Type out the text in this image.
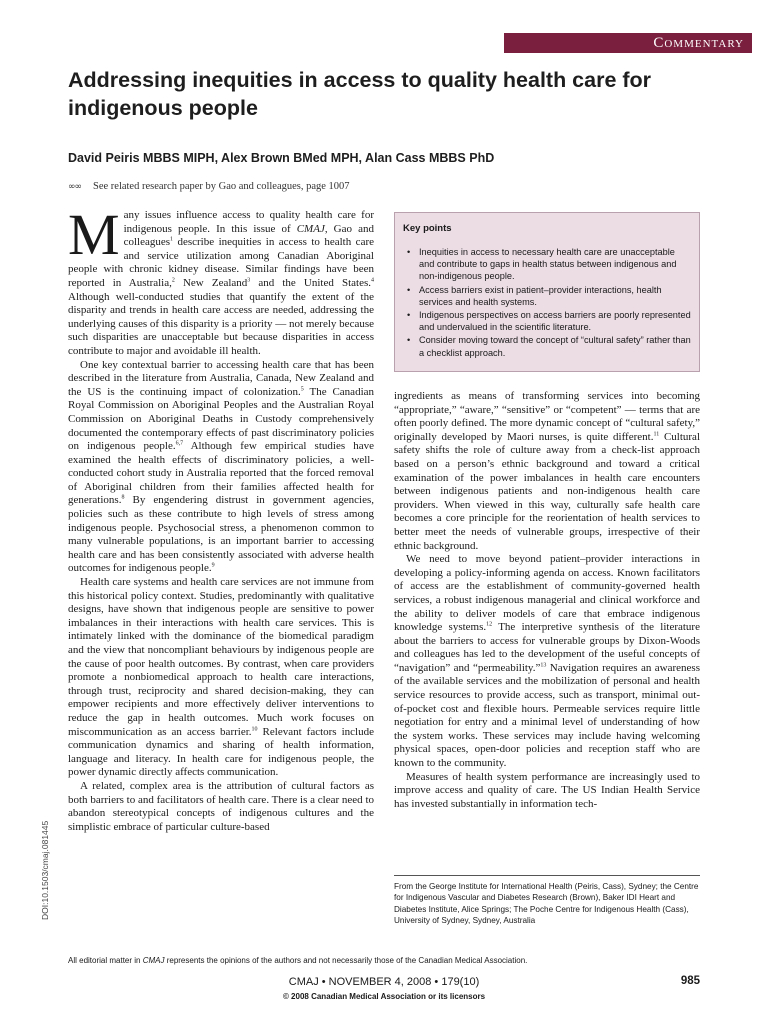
Commentary
Addressing inequities in access to quality health care for indigenous people
David Peiris MBBS MIPH, Alex Brown BMed MPH, Alan Cass MBBS PhD
∞∞ See related research paper by Gao and colleagues, page 1007

Many issues influence access to quality health care for indigenous people. In this issue of CMAJ, Gao and colleagues$^1$ describe inequities in access to health care and service utilization among Canadian Aboriginal people with chronic kidney disease. Similar findings have been reported in Australia,$^2$ New Zealand$^3$ and the United States.$^4$ Although well-conducted studies that quantify the extent of the disparity and trends in health care access are needed, addressing the underlying causes of this disparity is a priority — not merely because such disparities are unacceptable but because disparities in access contribute to major and avoidable ill health.

One key contextual barrier to accessing health care that has been described in the literature from Australia, Canada, New Zealand and the US is the continuing impact of colonization.$^5$ The Canadian Royal Commission on Aboriginal Peoples and the Australian Royal Commission on Aboriginal Deaths in Custody comprehensively documented the contemporary effects of past discriminatory policies on indigenous people.$^{6,7}$ Although few empirical studies have examined the health effects of discriminatory policies, a well-conducted cohort study in Australia reported that the forced removal of Aboriginal children from their families affected health for generations.$^8$ By engendering distrust in government agencies, policies such as these contribute to high levels of stress among indigenous people. Psychosocial stress, a phenomenon common to many vulnerable populations, is an important barrier to accessing health care and has been consistently associated with adverse health outcomes for indigenous people.$^9$

Health care systems and health care services are not immune from this historical policy context. Studies, predominantly with qualitative designs, have shown that indigenous people are sensitive to power imbalances in their interactions with health care services. This is intimately linked with the dominance of the biomedical paradigm and the view that noncompliant behaviours by indigenous people are the cause of poor health outcomes. By contrast, when care providers promote a nonbiomedical approach to health care interactions, through trust, reciprocity and shared decision-making, they can empower recipients and more effectively deliver interventions to reduce the gap in health outcomes. Much work focuses on miscommunication as an access barrier.$^{10}$ Relevant factors include communication dynamics and sharing of health information, language and literacy. In health care for indigenous people, the power dynamic directly affects communication.

A related, complex area is the attribution of cultural factors as both barriers to and facilitators of health care. There is a clear need to abandon stereotypical concepts of indigenous cultures and the simplistic embrace of particular culture-based

Key points
• Inequities in access to necessary health care are unacceptable and contribute to gaps in health status between indigenous and non-indigenous people.
• Access barriers exist in patient–provider interactions, health services and health systems.
• Indigenous perspectives on access barriers are poorly represented and undervalued in the scientific literature.
• Consider moving toward the concept of “cultural safety” rather than a checklist approach.

ingredients as means of transforming services into becoming “appropriate,” “aware,” “sensitive” or “competent” — terms that are often poorly defined. The more dynamic concept of “cultural safety,” originally developed by Maori nurses, is quite different.$^{11}$ Cultural safety shifts the role of culture away from a check-list approach based on a person’s ethnic background and toward a critical examination of the power imbalances in health care encounters between indigenous patients and non-indigenous health care providers. When viewed in this way, culturally safe health care becomes a core principle for the reorientation of health services to better meet the needs of vulnerable groups, irrespective of their ethnic background.

We need to move beyond patient–provider interactions in developing a policy-informing agenda on access. Known facilitators of access are the establishment of community-governed health services, a robust indigenous managerial and clinical workforce and the ability to deliver models of care that embrace indigenous knowledge systems.$^{12}$ The interpretive synthesis of the literature about the barriers to access for vulnerable groups by Dixon-Woods and colleagues has led to the development of the useful concepts of “navigation” and “permeability.”$^{13}$ Navigation requires an awareness of the available services and the mobilization of personal and health service resources to provide access, such as transport, minimal out-of-pocket cost and flexible hours. Permeable services require little negotiation for entry and a minimal level of understanding of how the system works. These services may include having welcoming physical spaces, open-door policies and reception staff who are known to the community.

Measures of health system performance are increasingly used to improve access and quality of care. The US Indian Health Service has invested substantially in information tech-

DOI:10.1503/cmaj.081445	From the George Institute for International Health (Peiris, Cass), Sydney; the Centre for Indigenous Vascular and Diabetes Research (Brown), Baker IDI Heart and Diabetes Institute, Alice Springs; The Poche Centre for Indigenous Health (Cass), University of Sydney, Sydney, Australia
All editorial matter in CMAJ represents the opinions of the authors and not necessarily those of the Canadian Medical Association.
CMAJ • NOVEMBER 4, 2008 • 179(10)	985
© 2008 Canadian Medical Association or its licensors
